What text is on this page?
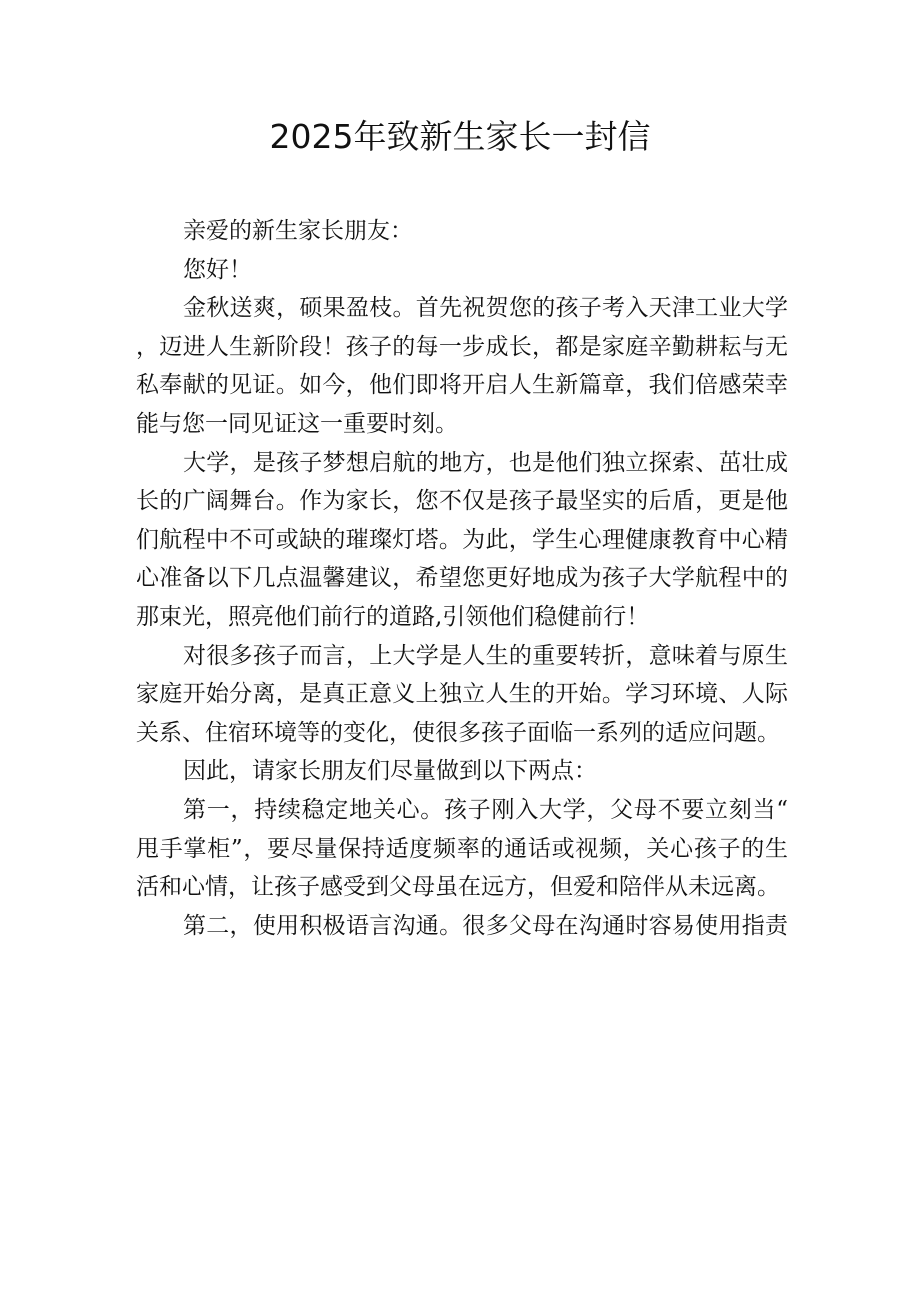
2025年致新生家长一封信

亲爱的新生家长朋友：

您好！

金秋送爽，硕果盈枝。首先祝贺您的孩子考入天津工业大学，迈进人生新阶段！孩子的每一步成长，都是家庭辛勤耕耘与无私奉献的见证。如今，他们即将开启人生新篇章，我们倍感荣幸能与您一同见证这一重要时刻。

大学，是孩子梦想启航的地方，也是他们独立探索、茁壮成长的广阔舞台。作为家长，您不仅是孩子最坚实的后盾，更是他们航程中不可或缺的璀璨灯塔。为此，学生心理健康教育中心精心准备以下几点温馨建议，希望您更好地成为孩子大学航程中的那束光，照亮他们前行的道路,引领他们稳健前行！

对很多孩子而言，上大学是人生的重要转折，意味着与原生家庭开始分离，是真正意义上独立人生的开始。学习环境、人际关系、住宿环境等的变化，使很多孩子面临一系列的适应问题。

因此，请家长朋友们尽量做到以下两点：

第一，持续稳定地关心。孩子刚入大学，父母不要立刻当“甩手掌柜”，要尽量保持适度频率的通话或视频，关心孩子的生活和心情，让孩子感受到父母虽在远方，但爱和陪伴从未远离。

第二，使用积极语言沟通。很多父母在沟通时容易使用指责
